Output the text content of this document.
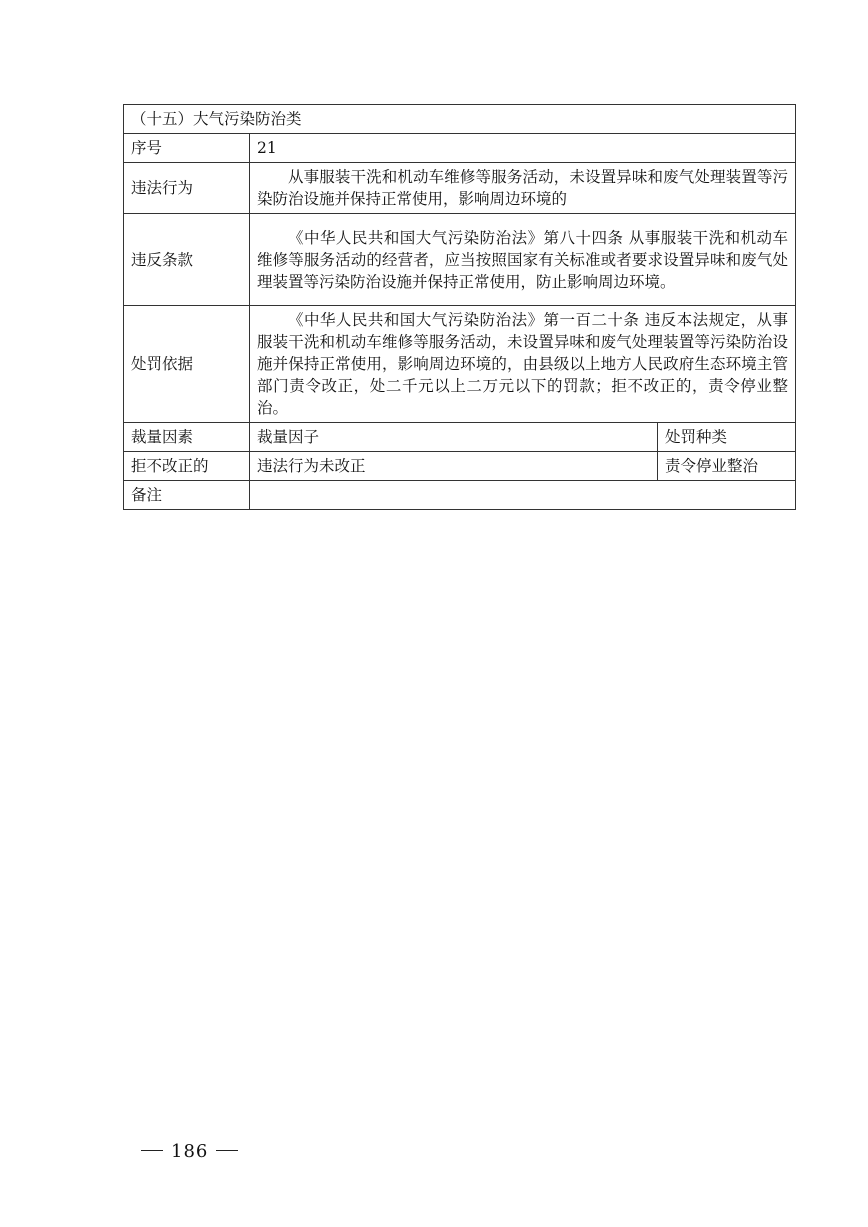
（十五）大气污染防治类		
序号	21	
违法行为	从事服装干洗和机动车维修等服务活动，未设置异味和废气处理装置等污染防治设施并保持正常使用，影响周边环境的	
违反条款	《中华人民共和国大气污染防治法》第八十四条 从事服装干洗和机动车维修等服务活动的经营者，应当按照国家有关标准或者要求设置异味和废气处理装置等污染防治设施并保持正常使用，防止影响周边环境。	
处罚依据	《中华人民共和国大气污染防治法》第一百二十条 违反本法规定，从事服装干洗和机动车维修等服务活动，未设置异味和废气处理装置等污染防治设施并保持正常使用，影响周边环境的，由县级以上地方人民政府生态环境主管部门责令改正，处二千元以上二万元以下的罚款；拒不改正的，责令停业整治。	
裁量因素	裁量因子	处罚种类
拒不改正的	违法行为未改正	责令停业整治
备注		
186
